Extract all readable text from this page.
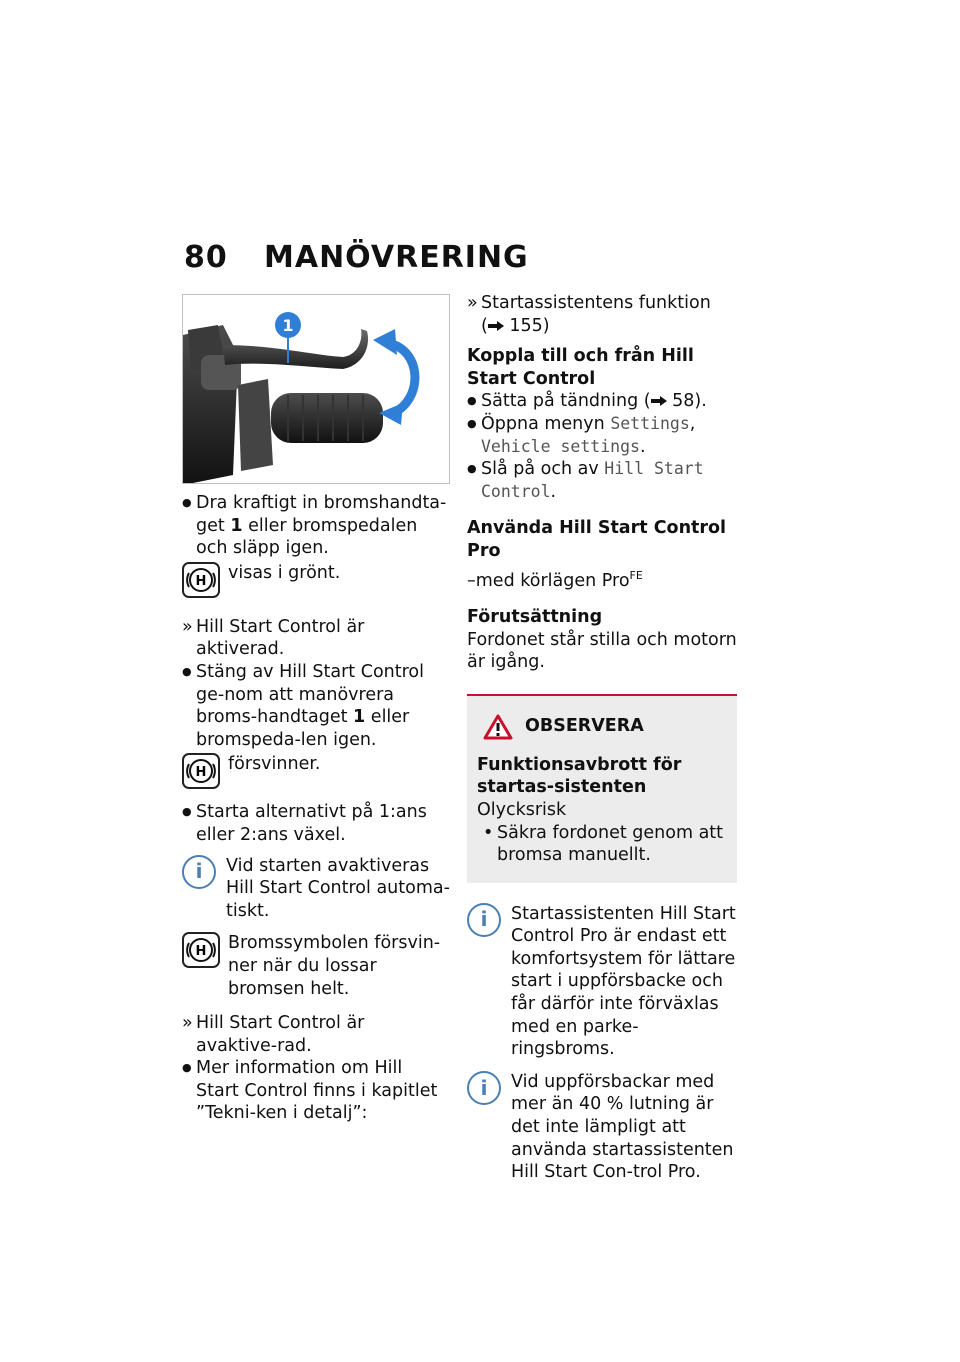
80 MANÖVRERING
1

● Dra kraftigt in bromshandta-get 1 eller bromspedalen och släpp igen.

H visas i grönt.

» Hill Start Control är aktiverad.

● Stäng av Hill Start Control ge-nom att manövrera broms-handtaget 1 eller bromspeda-len igen.

H försvinner.

● Starta alternativt på 1:ans eller 2:ans växel.

i	Vid starten avaktiveras Hill Start Control automa-tiskt.
H Bromssymbolen försvin-ner när du lossar bromsen helt.

» Hill Start Control är avaktive-rad.

● Mer information om Hill Start Control finns i kapitlet ”Tekni-ken i detalj”:

» Startassistentens funktion
( 155)

Koppla till och från Hill Start Control

● Sätta på tändning ( 58).

● Öppna menyn Settings, Vehicle settings.

● Slå på och av Hill Start Control.

Använda Hill Start Control Pro

–med körlägen Pro$^{FE}$

Förutsättning

Fordonet står stilla och motorn är igång.

OBSERVERA

Funktionsavbrott för startas-sistenten

Olycksrisk

• Säkra fordonet genom att bromsa manuellt.

i	Startassistenten Hill Start Control Pro är endast ett komfortsystem för lättare start i uppförsbacke och får därför inte förväxlas med en parke-ringsbroms.
i	Vid uppförsbackar med mer än 40 % lutning är det inte lämpligt att använda startassistenten Hill Start Con-trol Pro.
